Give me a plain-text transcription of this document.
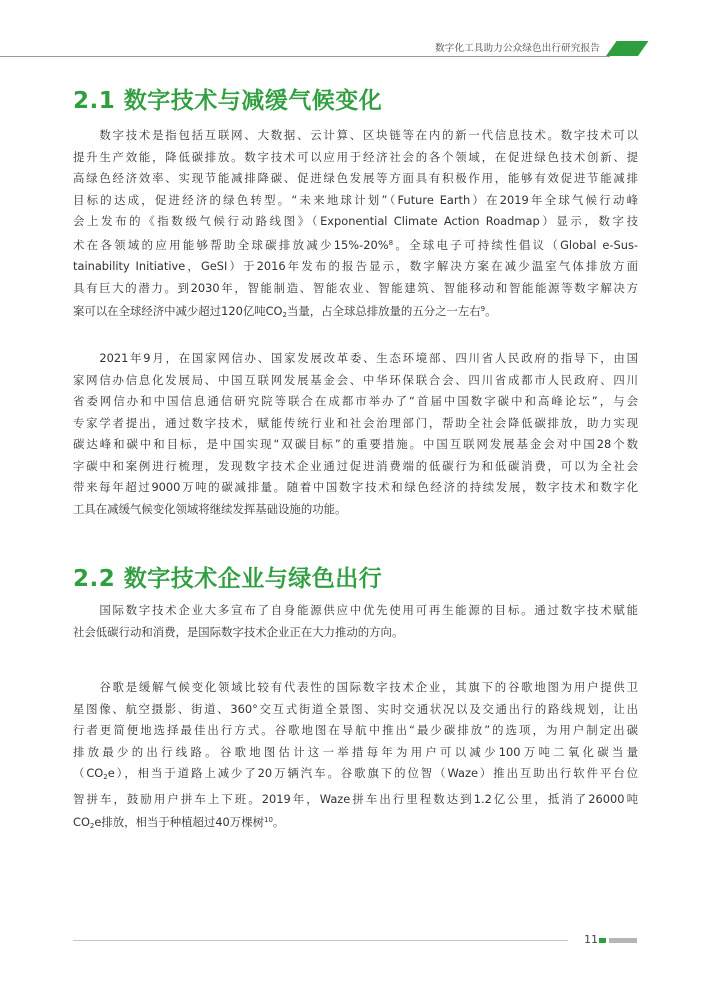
数字化工具助力公众绿色出行研究报告
2.1 数字技术与减缓气候变化
　　数字技术是指包括互联网、大数据、云计算、区块链等在内的新一代信息技术。数字技术可以
提升生产效能，降低碳排放。数字技术可以应用于经济社会的各个领域，在促进绿色技术创新、提
高绿色经济效率、实现节能减排降碳、促进绿色发展等方面具有积极作用，能够有效促进节能减排
目标的达成，促进经济的绿色转型。“未来地球计划”（Future Earth）在2019年全球气候行动峰
会上发布的《指数级气候行动路线图》（Exponential Climate Action Roadmap）显示，数字技
术在各领域的应用能够帮助全球碳排放减少15%-20%$^8$。全球电子可持续性倡议（Global e-Sus-
tainability Initiative，GeSI）于2016年发布的报告显示，数字解决方案在减少温室气体排放方面
具有巨大的潜力。到2030年，智能制造、智能农业、智能建筑、智能移动和智能能源等数字解决方
案可以在全球经济中减少超过120亿吨$CO_2$当量，占全球总排放量的五分之一左右$^9$。
　　2021年9月，在国家网信办、国家发展改革委、生态环境部、四川省人民政府的指导下，由国
家网信办信息化发展局、中国互联网发展基金会、中华环保联合会、四川省成都市人民政府、四川
省委网信办和中国信息通信研究院等联合在成都市举办了“首届中国数字碳中和高峰论坛”，与会
专家学者提出，通过数字技术，赋能传统行业和社会治理部门，帮助全社会降低碳排放，助力实现
碳达峰和碳中和目标，是中国实现“双碳目标”的重要措施。中国互联网发展基金会对中国28个数
字碳中和案例进行梳理，发现数字技术企业通过促进消费端的低碳行为和低碳消费，可以为全社会
带来每年超过9000万吨的碳减排量。随着中国数字技术和绿色经济的持续发展，数字技术和数字化
工具在减缓气候变化领域将继续发挥基础设施的功能。
2.2 数字技术企业与绿色出行
　　国际数字技术企业大多宣布了自身能源供应中优先使用可再生能源的目标。通过数字技术赋能
社会低碳行动和消费，是国际数字技术企业正在大力推动的方向。
　　谷歌是缓解气候变化领域比较有代表性的国际数字技术企业，其旗下的谷歌地图为用户提供卫
星图像、航空摄影、街道、360°交互式街道全景图、实时交通状况以及交通出行的路线规划，让出
行者更简便地选择最佳出行方式。谷歌地图在导航中推出“最少碳排放”的选项，为用户制定出碳
排放最少的出行线路。谷歌地图估计这一举措每年为用户可以减少100万吨二氧化碳当量
$(CO_2e)$，相当于道路上减少了20万辆汽车。谷歌旗下的位智（Waze）推出互助出行软件平台位
智拼车，鼓励用户拼车上下班。2019年，Waze拼车出行里程数达到1.2亿公里，抵消了26000吨
$CO_2e$排放，相当于种植超过40万棵树$^{10}$。
11
